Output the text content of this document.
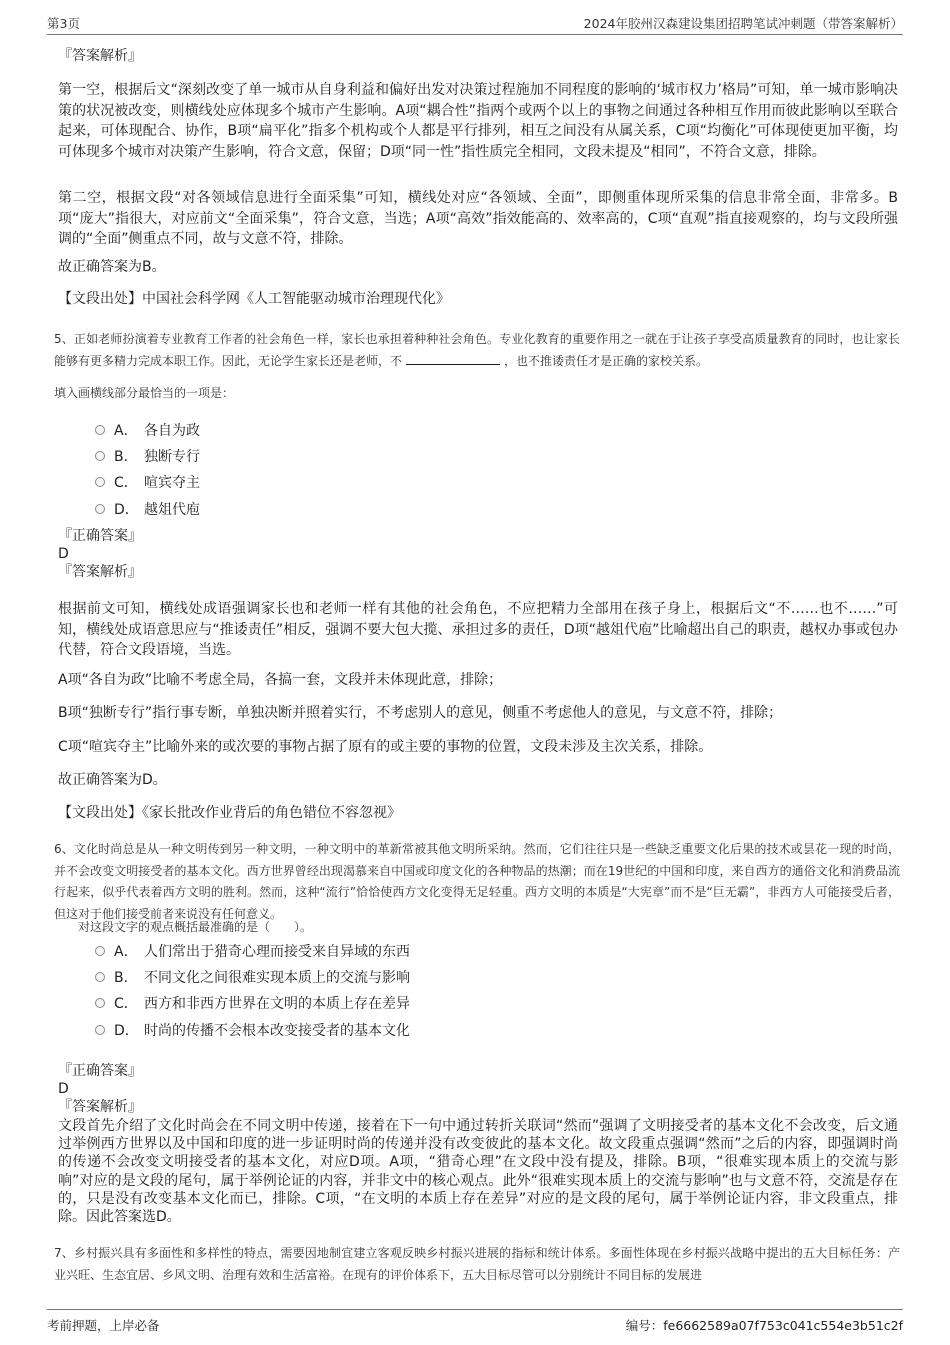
第3页	2024年胶州汉森建设集团招聘笔试冲刺题（带答案解析）

『答案解析』

第一空，根据后文“深刻改变了单一城市从自身利益和偏好出发对决策过程施加不同程度的影响的‘城市权力’格局”可知，单一城市影响决策的状况被改变，则横线处应体现多个城市产生影响。A项“耦合性”指两个或两个以上的事物之间通过各种相互作用而彼此影响以至联合起来，可体现配合、协作，B项“扁平化”指多个机构或个人都是平行排列，相互之间没有从属关系，C项“均衡化”可体现使更加平衡，均可体现多个城市对决策产生影响，符合文意，保留；D项“同一性”指性质完全相同，文段未提及“相同”，不符合文意，排除。

第二空，根据文段“对各领域信息进行全面采集”可知，横线处对应“各领域、全面”，即侧重体现所采集的信息非常全面，非常多。B项“庞大”指很大，对应前文“全面采集”，符合文意，当选；A项“高效”指效能高的、效率高的，C项“直观”指直接观察的，均与文段所强调的“全面”侧重点不同，故与文意不符，排除。

故正确答案为B。

【文段出处】中国社会科学网《人工智能驱动城市治理现代化》

5、正如老师扮演着专业教育工作者的社会角色一样，家长也承担着种种社会角色。专业化教育的重要作用之一就在于让孩子享受高质量教育的同时，也让家长能够有更多精力完成本职工作。因此，无论学生家长还是老师，不	，也不推诿责任才是正确的家校关系。

填入画横线部分最恰当的一项是：

A． 各自为政
B． 独断专行
C． 喧宾夺主
D． 越俎代庖

『正确答案』

D

『答案解析』

根据前文可知，横线处成语强调家长也和老师一样有其他的社会角色，不应把精力全部用在孩子身上，根据后文“不……也不……”可知，横线处成语意思应与“推诿责任”相反，强调不要大包大揽、承担过多的责任，D项“越俎代庖”比喻超出自己的职责，越权办事或包办代替，符合文段语境，当选。

A项“各自为政”比喻不考虑全局，各搞一套，文段并未体现此意，排除；

B项“独断专行”指行事专断，单独决断并照着实行，不考虑别人的意见，侧重不考虑他人的意见，与文意不符，排除；

C项“喧宾夺主”比喻外来的或次要的事物占据了原有的或主要的事物的位置，文段未涉及主次关系，排除。

故正确答案为D。

【文段出处】《家长批改作业背后的角色错位不容忽视》

6、文化时尚总是从一种文明传到另一种文明，一种文明中的革新常被其他文明所采纳。然而，它们往往只是一些缺乏重要文化后果的技术或昙花一现的时尚，并不会改变文明接受者的基本文化。西方世界曾经出现渴慕来自中国或印度文化的各种物品的热潮；而在19世纪的中国和印度，来自西方的通俗文化和消费品流行起来，似乎代表着西方文明的胜利。然而，这种“流行”恰恰使西方文化变得无足轻重。西方文明的本质是“大宪章”而不是“巨无霸”，非西方人可能接受后者，但这对于他们接受前者来说没有任何意义。

对这段文字的观点概括最准确的是（　　）。

A． 人们常出于猎奇心理而接受来自异域的东西
B． 不同文化之间很难实现本质上的交流与影响
C． 西方和非西方世界在文明的本质上存在差异
D． 时尚的传播不会根本改变接受者的基本文化

『正确答案』

D

『答案解析』

文段首先介绍了文化时尚会在不同文明中传递，接着在下一句中通过转折关联词“然而”强调了文明接受者的基本文化不会改变，后文通过举例西方世界以及中国和印度的进一步证明时尚的传递并没有改变彼此的基本文化。故文段重点强调“然而”之后的内容，即强调时尚的传递不会改变文明接受者的基本文化，对应D项。A项，“猎奇心理”在文段中没有提及，排除。B项，“很难实现本质上的交流与影响”对应的是文段的尾句，属于举例论证的内容，并非文中的核心观点。此外“很难实现本质上的交流与影响”也与文意不符，交流是存在的，只是没有改变基本文化而已，排除。C项，“在文明的本质上存在差异”对应的是文段的尾句，属于举例论证内容，非文段重点，排除。因此答案选D。

7、乡村振兴具有多面性和多样性的特点，需要因地制宜建立客观反映乡村振兴进展的指标和统计体系。多面性体现在乡村振兴战略中提出的五大目标任务：产业兴旺、生态宜居、乡风文明、治理有效和生活富裕。在现有的评价体系下，五大目标尽管可以分别统计不同目标的发展进

考前押题，上岸必备	编号：fe6662589a07f753c041c554e3b51c2f
